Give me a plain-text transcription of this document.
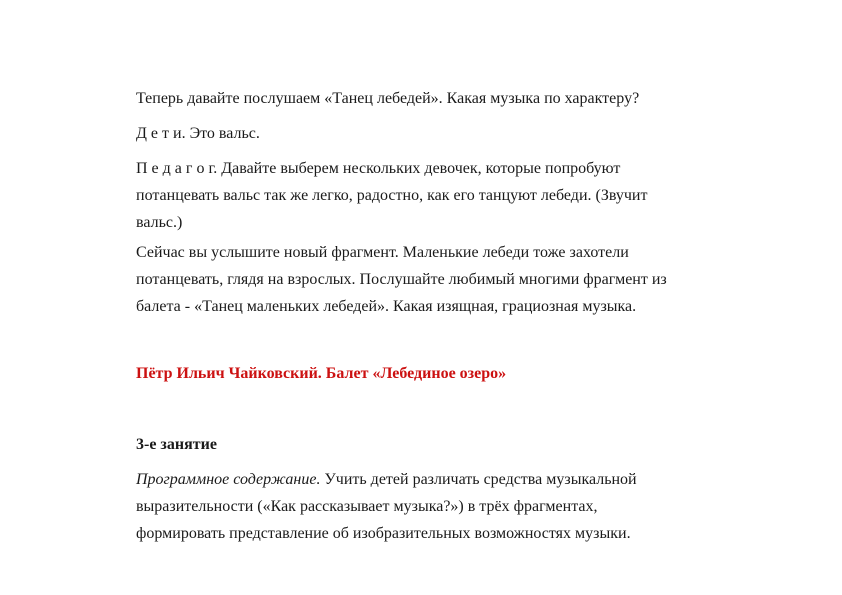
Теперь давайте послушаем «Танец лебедей». Какая музыка по характеру?

Д е т и. Это вальс.

П е д а г о г. Давайте выберем нескольких девочек, которые попробуют
потанцевать вальс так же легко, радостно, как его танцуют лебеди. (Звучит
вальс.)

Сейчас вы услышите новый фрагмент. Маленькие лебеди тоже захотели
потанцевать, глядя на взрослых. Послушайте любимый многими фрагмент из
балета - «Танец маленьких лебедей». Какая изящная, грациозная музыка.

Пётр Ильич Чайковский. Балет «Лебединое озеро»

3-е занятие

Программное содержание. Учить детей различать средства музыкальной
выразительности («Как рассказывает музыка?») в трёх фрагментах,
формировать представление об изобразительных возможностях музыки.
